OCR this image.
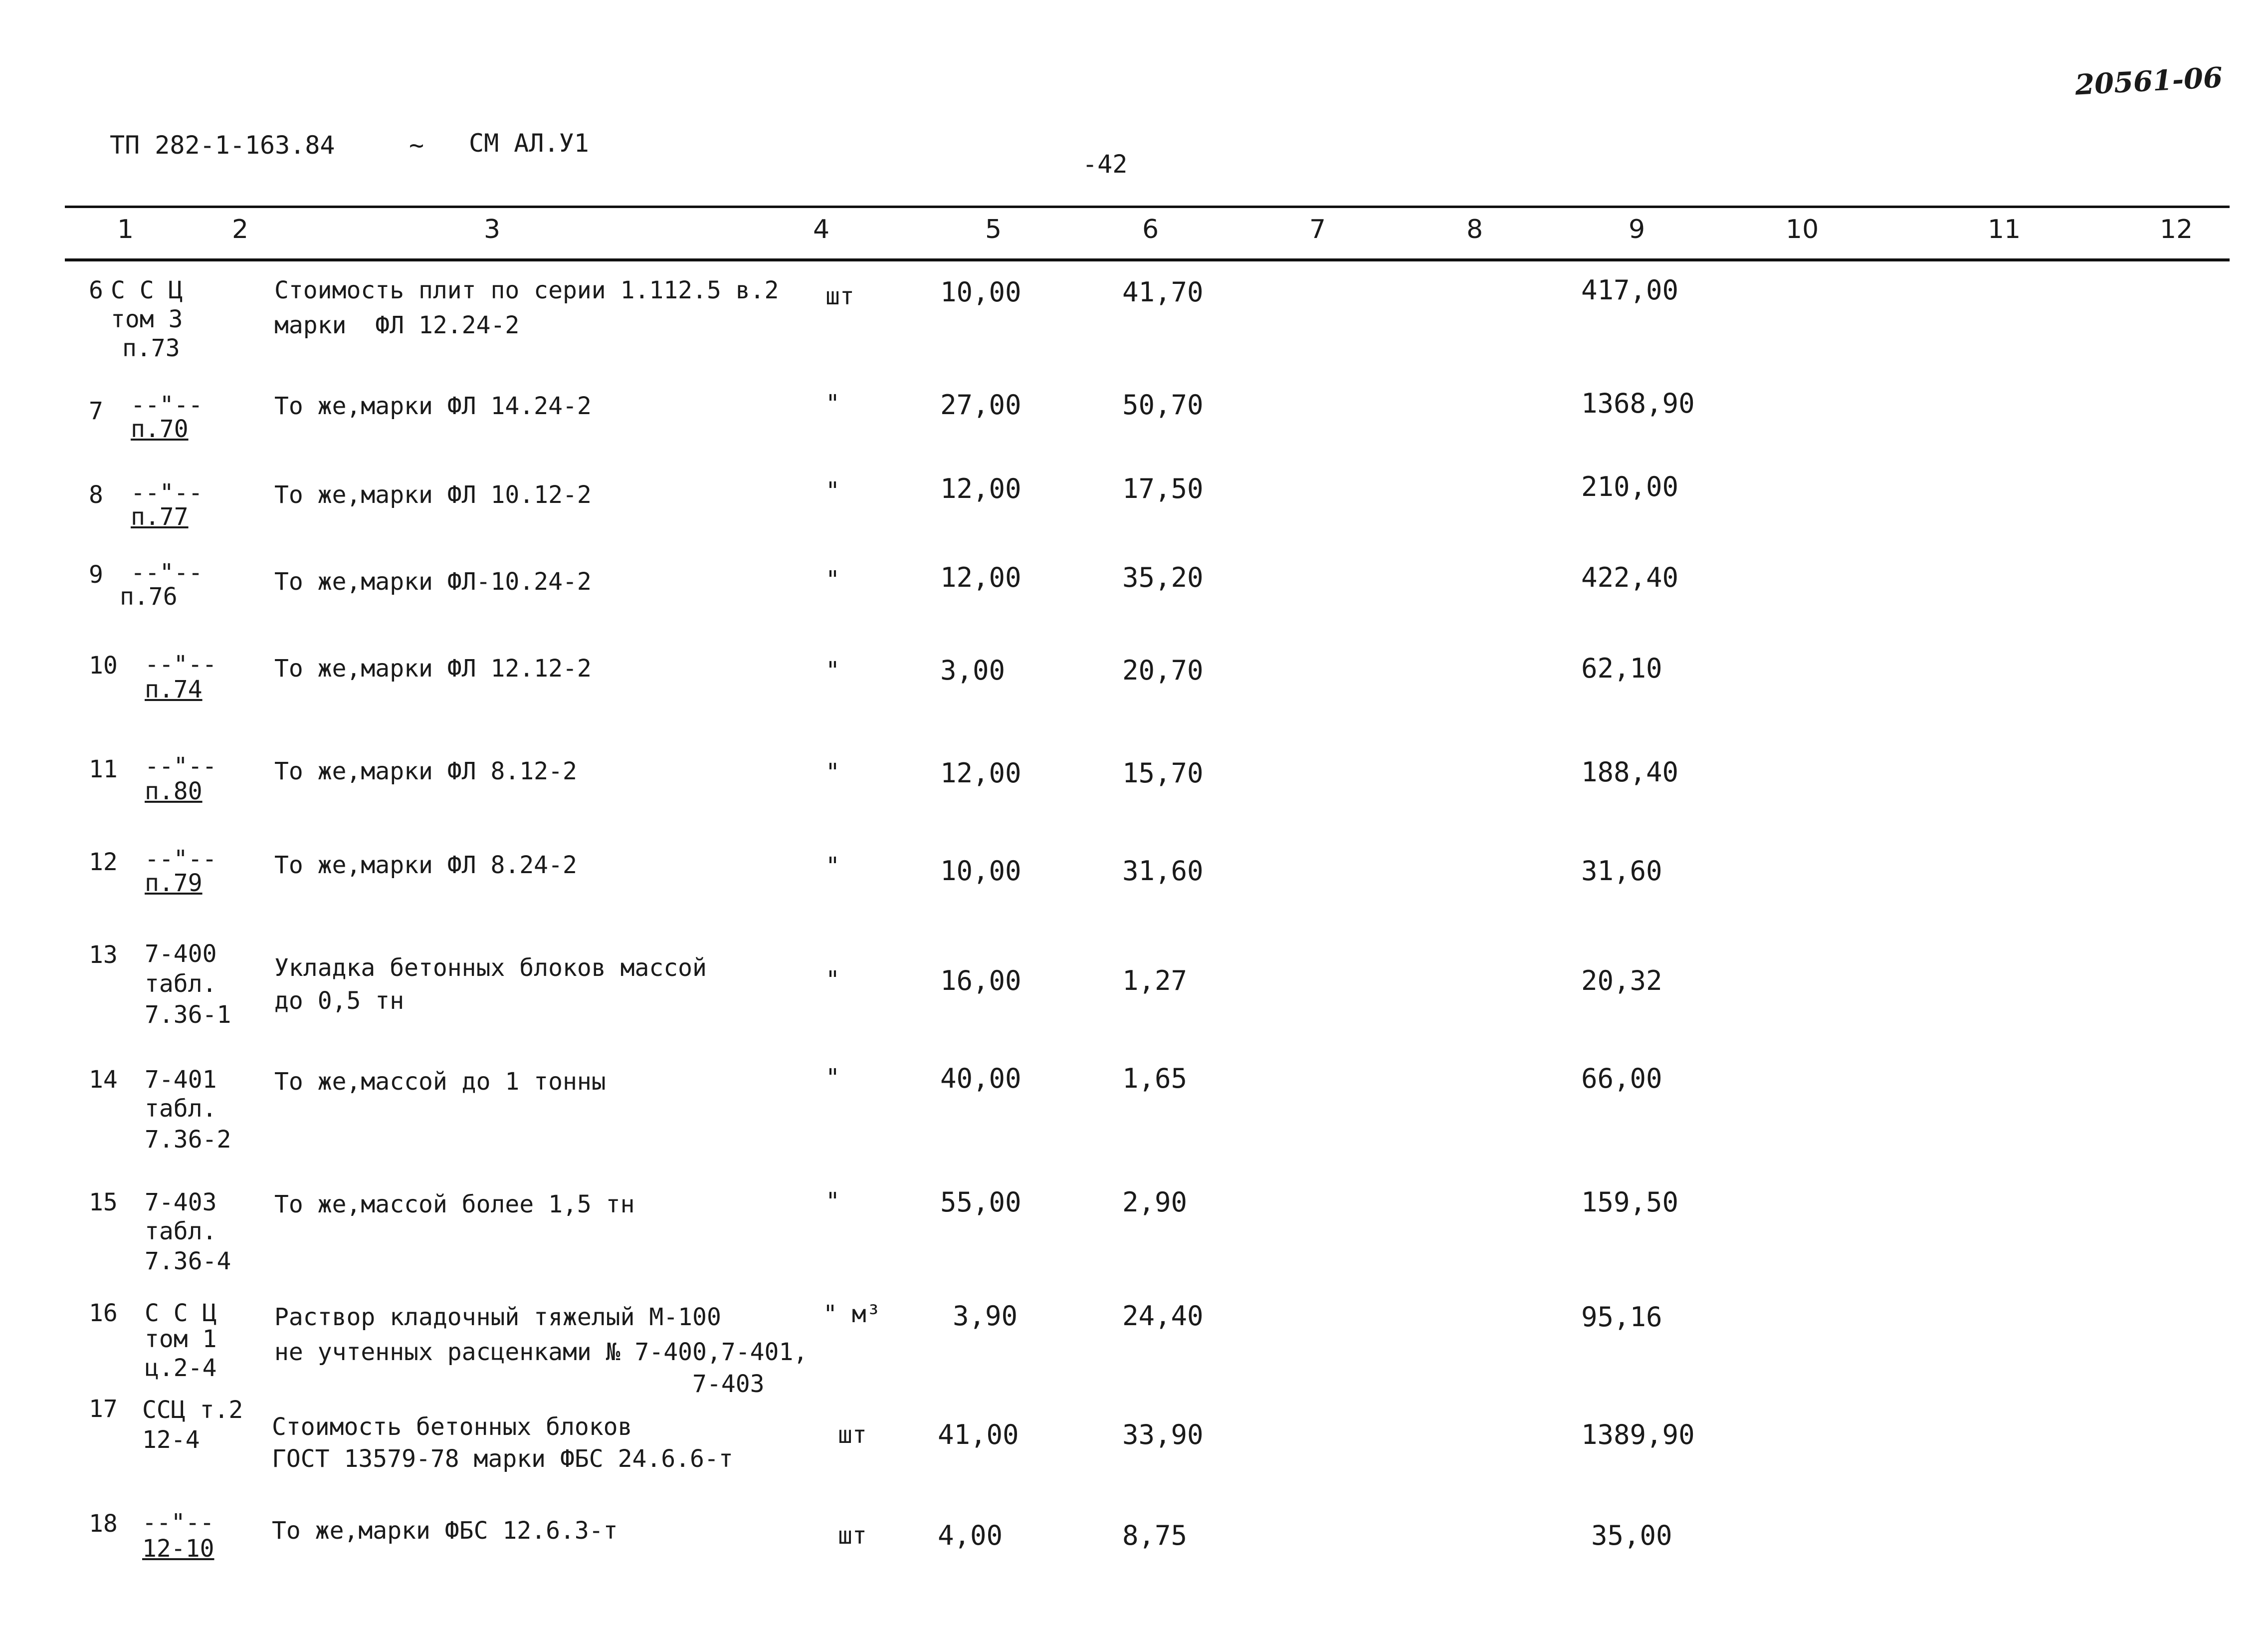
20561-06
ТП 282-1-163.84	~ СМ АЛ.У1
-42
1	2	3	4	5	6	7	8	9	10	11	12
6 С С Ц
том 3
п.73
Стоимость плит по серии 1.112.5 в.2
марки  ФЛ 12.24-2
шт	10,00	41,70	417,00
7 --"--
п.70
То же,марки ФЛ 14.24-2	"	27,00	50,70	1368,90
8 --"--
п.77
То же,марки ФЛ 10.12-2	"	12,00	17,50	210,00
9 --"--
п.76
То же,марки ФЛ-10.24-2	"	12,00	35,20	422,40
10 --"--
п.74
То же,марки ФЛ 12.12-2	"	3,00	20,70	62,10
11 --"--
п.80
То же,марки ФЛ 8.12-2	"	12,00	15,70	188,40
12 --"--
п.79
То же,марки ФЛ 8.24-2	"	10,00	31,60	31,60
13 7-400
табл.
7.36-1
Укладка бетонных блоков массой
до 0,5 тн
"	16,00	1,27	20,32
14 7-401
табл.
7.36-2
То же,массой до 1 тонны	"	40,00	1,65	66,00
15 7-403
табл.
7.36-4
То же,массой более 1,5 тн	"	55,00	2,90	159,50
16 С С Ц
том 1
ц.2-4
Раствор кладочный тяжелый М-100
не учтенных расценками № 7-400,7-401,
7-403
" м³	3,90	24,40	95,16
17 ССЦ т.2
12-4	Стоимость бетонных блоков
ГОСТ 13579-78 марки ФБС 24.6.6-т
шт	41,00	33,90	1389,90
18 --"--
12-10
То же,марки ФБС 12.6.3-т	шт	4,00	8,75	35,00
